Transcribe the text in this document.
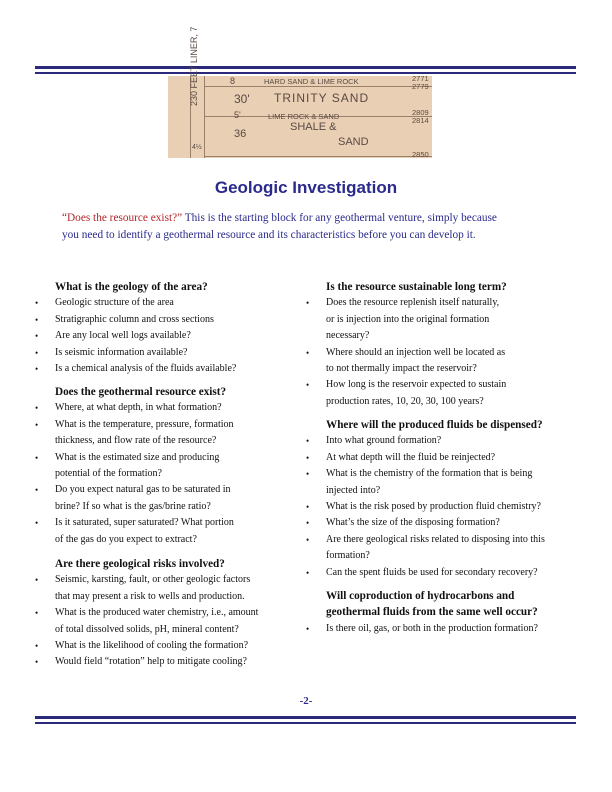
230 FEET LINER, 7	8	HARD SAND & LIME ROCK
30' TRINITY SAND
5'	LIME ROCK & SAND
36
SHALE &
SAND
2771
2779
2809
2814
2850
4½
Geologic Investigation
“Does the resource exist?” This is the starting block for any geothermal venture, simply because
you need to identify a geothermal resource and its characteristics before you can develop it.
What is the geology of the area?
• Geologic structure of the area
• Stratigraphic column and cross sections
• Are any local well logs available?
• Is seismic information available?
• Is a chemical analysis of the fluids available?
Does the geothermal resource exist?
• Where, at what depth, in what formation?
• What is the temperature, pressure, formation
thickness, and flow rate of the resource?
• What is the estimated size and producing
potential of the formation?
• Do you expect natural gas to be saturated in
brine? If so what is the gas/brine ratio?
• Is it saturated, super saturated? What portion
of the gas do you expect to extract?
Are there geological risks involved?
• Seismic, karsting, fault, or other geologic factors
that may present a risk to wells and production.
• What is the produced water chemistry, i.e., amount
of total dissolved solids, pH, mineral content?
• What is the likelihood of cooling the formation?
• Would field “rotation” help to mitigate cooling?
Is the resource sustainable long term?
• Does the resource replenish itself naturally,
or is injection into the original formation
necessary?
• Where should an injection well be located as
to not thermally impact the reservoir?
• How long is the reservoir expected to sustain
production rates, 10, 20, 30, 100 years?
Where will the produced fluids be dispensed?
• Into what ground formation?
• At what depth will the fluid be reinjected?
• What is the chemistry of the formation that is being
injected into?
• What is the risk posed by production fluid chemistry?
• What’s the size of the disposing formation?
• Are there geological risks related to disposing into this
formation?
• Can the spent fluids be used for secondary recovery?
Will coproduction of hydrocarbons and
geothermal fluids from the same well occur?
• Is there oil, gas, or both in the production formation?
-2-
